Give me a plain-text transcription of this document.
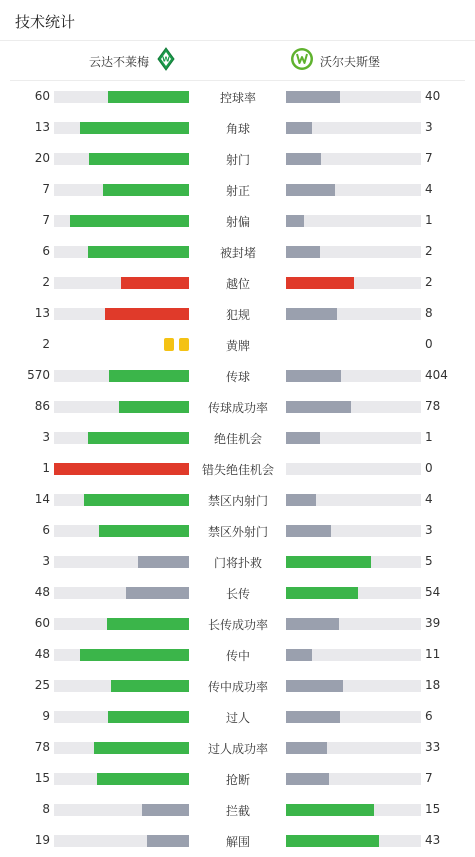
技术统计
云达不莱梅 W	沃尔夫斯堡
60	控球率	40
13	角球	3
20	射门	7
7	射正	4
7	射偏	1
6	被封堵	2
2	越位	2
13	犯规	8
2	黄牌	0
570	传球	404
86	传球成功率	78
3	绝佳机会	1
1	错失绝佳机会	0
14	禁区内射门	4
6	禁区外射门	3
3	门将扑救	5
48	长传	54
60	长传成功率	39
48	传中	11
25	传中成功率	18
9	过人	6
78	过人成功率	33
15	抢断	7
8	拦截	15
19	解围	43
